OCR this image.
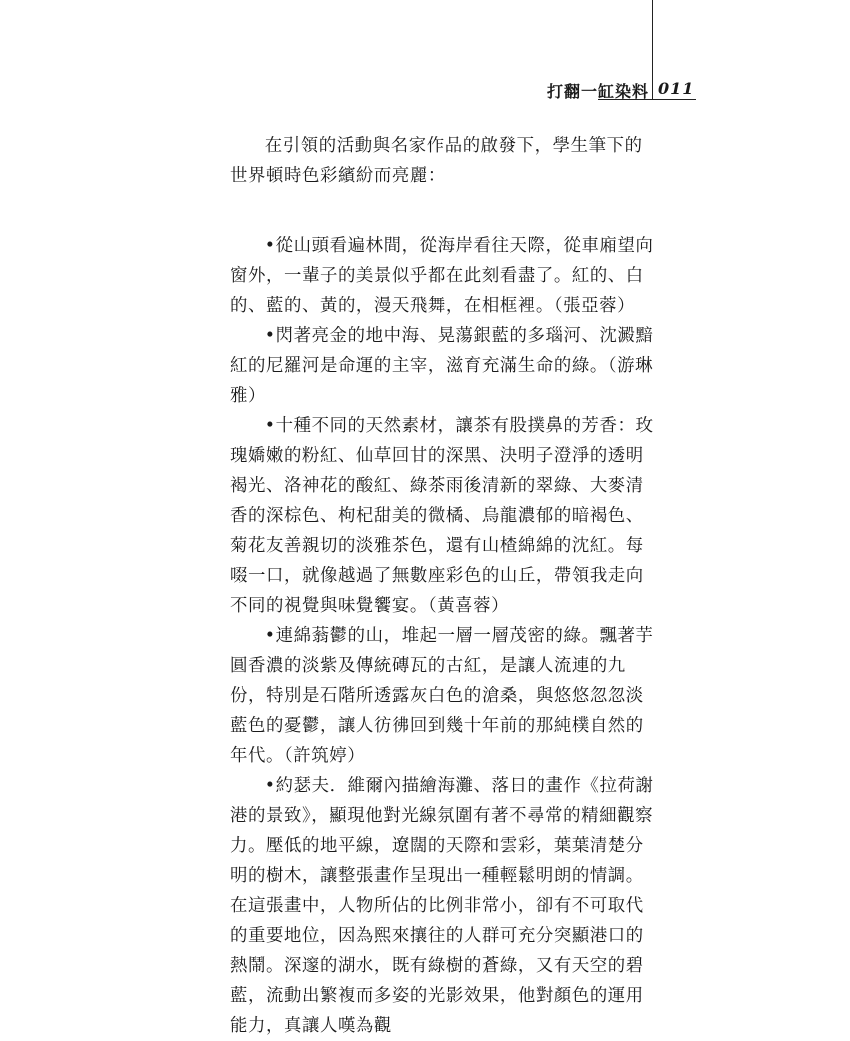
打翻一缸染料 011

在引領的活動與名家作品的啟發下，學生筆下的世界頓時色彩繽紛而亮麗：

•從山頭看遍林間，從海岸看往天際，從車廂望向窗外，一輩子的美景似乎都在此刻看盡了。紅的、白的、藍的、黃的，漫天飛舞，在相框裡。（張亞蓉）

•閃著亮金的地中海、晃蕩銀藍的多瑙河、沈澱黯紅的尼羅河是命運的主宰，滋育充滿生命的綠。（游琳雅）

•十種不同的天然素材，讓茶有股撲鼻的芳香：玫瑰嬌嫩的粉紅、仙草回甘的深黑、決明子澄淨的透明褐光、洛神花的酸紅、綠茶雨後清新的翠綠、大麥清香的深棕色、枸杞甜美的微橘、烏龍濃郁的暗褐色、菊花友善親切的淡雅茶色，還有山楂綿綿的沈紅。每啜一口，就像越過了無數座彩色的山丘，帶領我走向不同的視覺與味覺饗宴。（黃喜蓉）

•連綿蓊鬱的山，堆起一層一層茂密的綠。飄著芋圓香濃的淡紫及傳統磚瓦的古紅，是讓人流連的九份，特別是石階所透露灰白色的滄桑，與悠悠忽忽淡藍色的憂鬱，讓人彷彿回到幾十年前的那純樸自然的年代。（許筑婷）

•約瑟夫．維爾內描繪海灘、落日的畫作《拉荷謝港的景致》，顯現他對光線氛圍有著不尋常的精細觀察力。壓低的地平線，遼闊的天際和雲彩，葉葉清楚分明的樹木，讓整張畫作呈現出一種輕鬆明朗的情調。在這張畫中，人物所佔的比例非常小，卻有不可取代的重要地位，因為熙來攘往的人群可充分突顯港口的熱鬧。深邃的湖水，既有綠樹的蒼綠，又有天空的碧藍，流動出繁複而多姿的光影效果，他對顏色的運用能力，真讓人嘆為觀
